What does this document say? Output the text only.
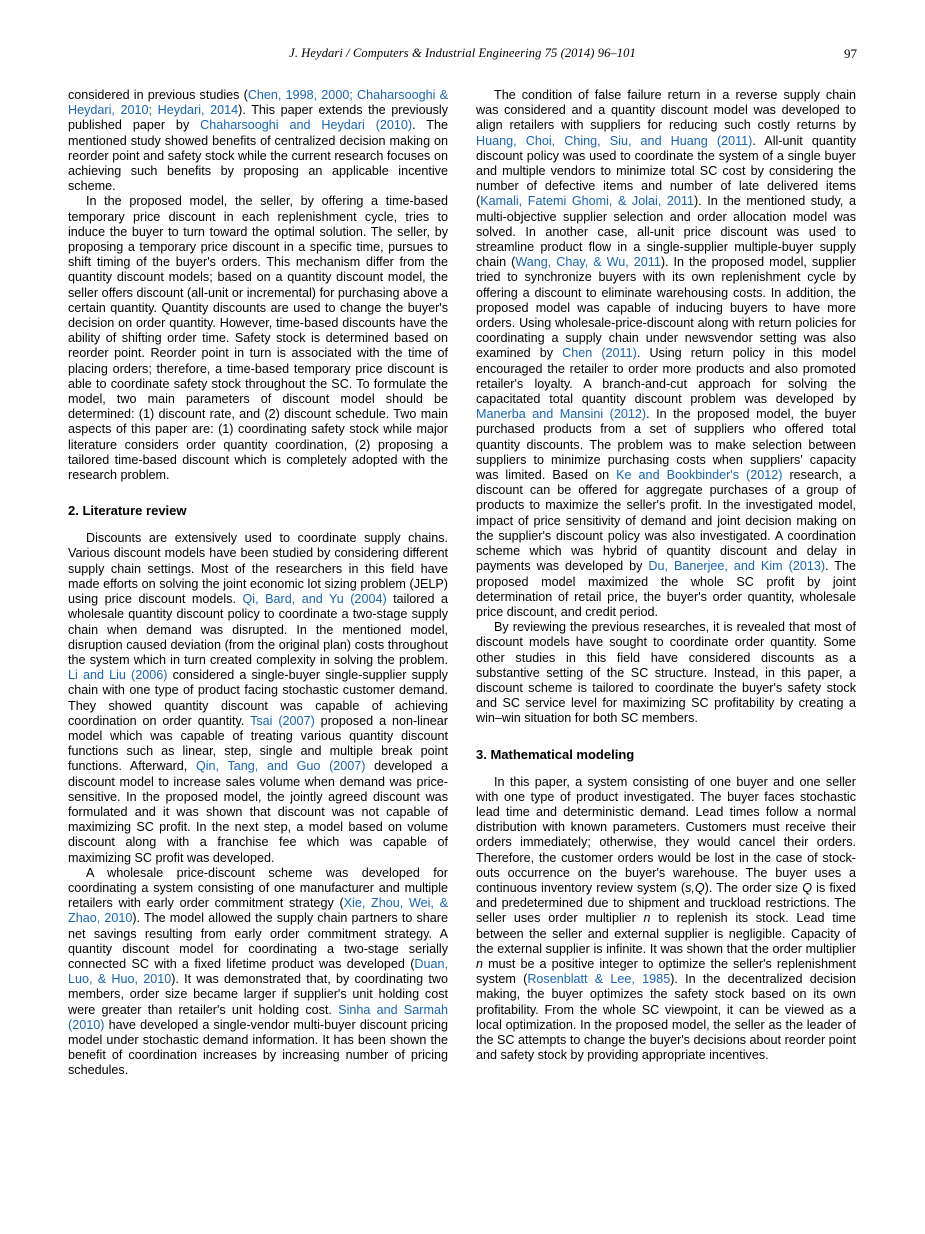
J. Heydari / Computers & Industrial Engineering 75 (2014) 96–101	97

considered in previous studies (Chen, 1998, 2000; Chaharsooghi & Heydari, 2010; Heydari, 2014). This paper extends the previously published paper by Chaharsooghi and Heydari (2010). The mentioned study showed benefits of centralized decision making on reorder point and safety stock while the current research focuses on achieving such benefits by proposing an applicable incentive scheme.

In the proposed model, the seller, by offering a time-based temporary price discount in each replenishment cycle, tries to induce the buyer to turn toward the optimal solution. The seller, by proposing a temporary price discount in a specific time, pursues to shift timing of the buyer's orders. This mechanism differ from the quantity discount models; based on a quantity discount model, the seller offers discount (all-unit or incremental) for purchasing above a certain quantity. Quantity discounts are used to change the buyer's decision on order quantity. However, time-based discounts have the ability of shifting order time. Safety stock is determined based on reorder point. Reorder point in turn is associated with the time of placing orders; therefore, a time-based temporary price discount is able to coordinate safety stock throughout the SC. To formulate the model, two main parameters of discount model should be determined: (1) discount rate, and (2) discount schedule. Two main aspects of this paper are: (1) coordinating safety stock while major literature considers order quantity coordination, (2) proposing a tailored time-based discount which is completely adopted with the research problem.

2. Literature review

Discounts are extensively used to coordinate supply chains. Various discount models have been studied by considering different supply chain settings. Most of the researchers in this field have made efforts on solving the joint economic lot sizing problem (JELP) using price discount models. Qi, Bard, and Yu (2004) tailored a wholesale quantity discount policy to coordinate a two-stage supply chain when demand was disrupted. In the mentioned model, disruption caused deviation (from the original plan) costs throughout the system which in turn created complexity in solving the problem. Li and Liu (2006) considered a single-buyer single-supplier supply chain with one type of product facing stochastic customer demand. They showed quantity discount was capable of achieving coordination on order quantity. Tsai (2007) proposed a non-linear model which was capable of treating various quantity discount functions such as linear, step, single and multiple break point functions. Afterward, Qin, Tang, and Guo (2007) developed a discount model to increase sales volume when demand was price-sensitive. In the proposed model, the jointly agreed discount was formulated and it was shown that discount was not capable of maximizing SC profit. In the next step, a model based on volume discount along with a franchise fee which was capable of maximizing SC profit was developed.

A wholesale price-discount scheme was developed for coordinating a system consisting of one manufacturer and multiple retailers with early order commitment strategy (Xie, Zhou, Wei, & Zhao, 2010). The model allowed the supply chain partners to share net savings resulting from early order commitment strategy. A quantity discount model for coordinating a two-stage serially connected SC with a fixed lifetime product was developed (Duan, Luo, & Huo, 2010). It was demonstrated that, by coordinating two members, order size became larger if supplier's unit holding cost were greater than retailer's unit holding cost. Sinha and Sarmah (2010) have developed a single-vendor multi-buyer discount pricing model under stochastic demand information. It has been shown the benefit of coordination increases by increasing number of pricing schedules.

The condition of false failure return in a reverse supply chain was considered and a quantity discount model was developed to align retailers with suppliers for reducing such costly returns by Huang, Choi, Ching, Siu, and Huang (2011). All-unit quantity discount policy was used to coordinate the system of a single buyer and multiple vendors to minimize total SC cost by considering the number of defective items and number of late delivered items (Kamali, Fatemi Ghomi, & Jolai, 2011). In the mentioned study, a multi-objective supplier selection and order allocation model was solved. In another case, all-unit price discount was used to streamline product flow in a single-supplier multiple-buyer supply chain (Wang, Chay, & Wu, 2011). In the proposed model, supplier tried to synchronize buyers with its own replenishment cycle by offering a discount to eliminate warehousing costs. In addition, the proposed model was capable of inducing buyers to have more orders. Using wholesale-price-discount along with return policies for coordinating a supply chain under newsvendor setting was also examined by Chen (2011). Using return policy in this model encouraged the retailer to order more products and also promoted retailer's loyalty. A branch-and-cut approach for solving the capacitated total quantity discount problem was developed by Manerba and Mansini (2012). In the proposed model, the buyer purchased products from a set of suppliers who offered total quantity discounts. The problem was to make selection between suppliers to minimize purchasing costs when suppliers' capacity was limited. Based on Ke and Bookbinder's (2012) research, a discount can be offered for aggregate purchases of a group of products to maximize the seller's profit. In the investigated model, impact of price sensitivity of demand and joint decision making on the supplier's discount policy was also investigated. A coordination scheme which was hybrid of quantity discount and delay in payments was developed by Du, Banerjee, and Kim (2013). The proposed model maximized the whole SC profit by joint determination of retail price, the buyer's order quantity, wholesale price discount, and credit period.

By reviewing the previous researches, it is revealed that most of discount models have sought to coordinate order quantity. Some other studies in this field have considered discounts as a substantive setting of the SC structure. Instead, in this paper, a discount scheme is tailored to coordinate the buyer's safety stock and SC service level for maximizing SC profitability by creating a win–win situation for both SC members.

3. Mathematical modeling

In this paper, a system consisting of one buyer and one seller with one type of product investigated. The buyer faces stochastic lead time and deterministic demand. Lead times follow a normal distribution with known parameters. Customers must receive their orders immediately; otherwise, they would cancel their orders. Therefore, the customer orders would be lost in the case of stock-outs occurrence on the buyer's warehouse. The buyer uses a continuous inventory review system (s,Q). The order size Q is fixed and predetermined due to shipment and truckload restrictions. The seller uses order multiplier n to replenish its stock. Lead time between the seller and external supplier is negligible. Capacity of the external supplier is infinite. It was shown that the order multiplier n must be a positive integer to optimize the seller's replenishment system (Rosenblatt & Lee, 1985). In the decentralized decision making, the buyer optimizes the safety stock based on its own profitability. From the whole SC viewpoint, it can be viewed as a local optimization. In the proposed model, the seller as the leader of the SC attempts to change the buyer's decisions about reorder point and safety stock by providing appropriate incentives.
